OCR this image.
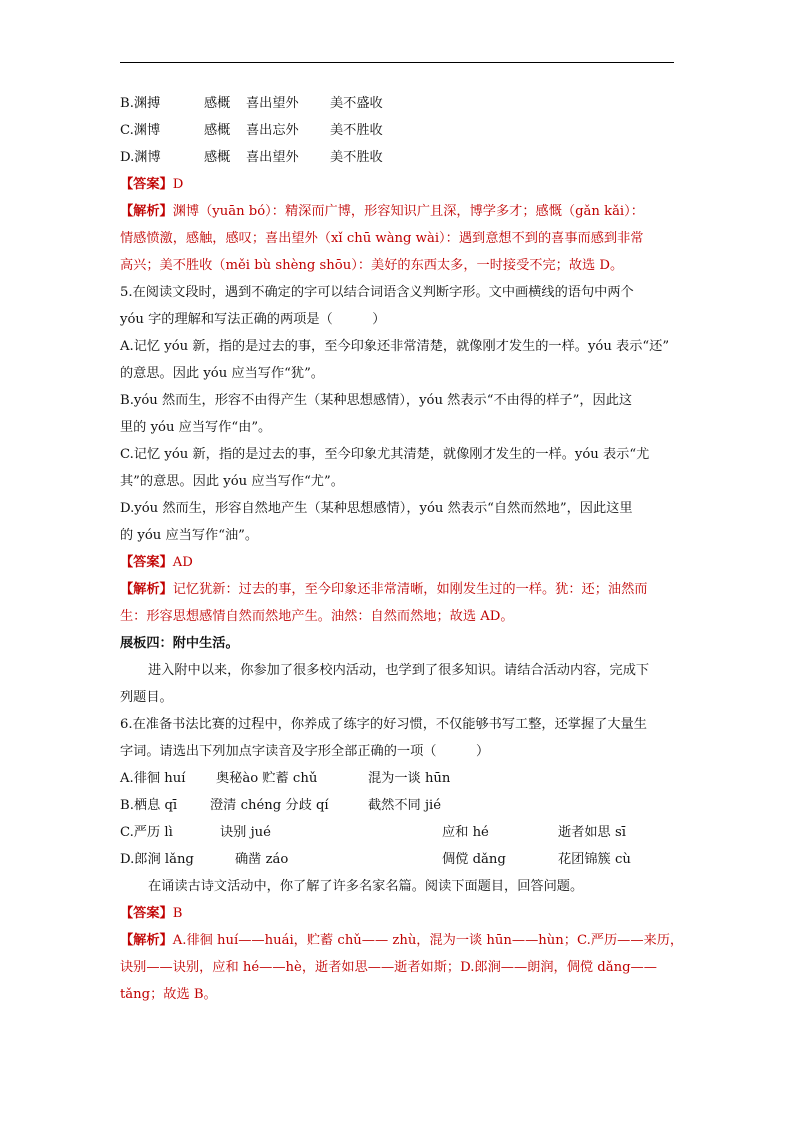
B.渊搏	感概	喜出望外	美不盛收
C.渊博	感概	喜出忘外	美不胜收
D.渊博	感概	喜出望外	美不胜收
【答案】D
【解析】渊博（yuān bó）：精深而广博，形容知识广且深，博学多才；感慨（gǎn kǎi）：
情感愤激，感触，感叹；喜出望外（xǐ chū wàng wài）：遇到意想不到的喜事而感到非常
高兴；美不胜收（měi bù shèng shōu）：美好的东西太多，一时接受不完；故选 D。
5.在阅读文段时，遇到不确定的字可以结合词语含义判断字形。文中画横线的语句中两个
yóu 字的理解和写法正确的两项是（　　　）
A.记忆 yóu 新，指的是过去的事，至今印象还非常清楚，就像刚才发生的一样。yóu 表示“还”
的意思。因此 yóu 应当写作“犹”。
B.yóu 然而生，形容不由得产生（某种思想感情），yóu 然表示“不由得的样子”，因此这
里的 yóu 应当写作“由”。
C.记忆 yóu 新，指的是过去的事，至今印象尤其清楚，就像刚才发生的一样。yóu 表示“尤
其”的意思。因此 yóu 应当写作“尤”。
D.yóu 然而生，形容自然地产生（某种思想感情），yóu 然表示“自然而然地”，因此这里
的 yóu 应当写作“油”。
【答案】AD
【解析】记忆犹新：过去的事，至今印象还非常清晰，如刚发生过的一样。犹：还；油然而
生：形容思想感情自然而然地产生。油然：自然而然地；故选 AD。
展板四：附中生活。
进入附中以来，你参加了很多校内活动，也学到了很多知识。请结合活动内容，完成下
列题目。
6.在准备书法比赛的过程中，你养成了练字的好习惯，不仅能够书写工整，还掌握了大量生
字词。请选出下列加点字读音及字形全部正确的一项（　　　）
A.徘徊 huí	奥秘ào 贮蓄 chǔ	混为一谈 hūn
B.栖息 qī	澄清 chéng 分歧 qí	截然不同 jié
C.严历 lì	诀别 jué	应和 hé	逝者如思 sī
D.郎涧 lǎng	确凿 záo	倜傥 dǎng	花团锦簇 cù
在诵读古诗文活动中，你了解了许多名家名篇。阅读下面题目，回答问题。
【答案】B
【解析】A.徘徊 huí——huái，贮蓄 chǔ—— zhù，混为一谈 hūn——hùn；C.严历——来历，
诀别——诀别，应和 hé——hè，逝者如思——逝者如斯；D.郎涧——朗润，倜傥 dǎng——
tǎng；故选 B。
